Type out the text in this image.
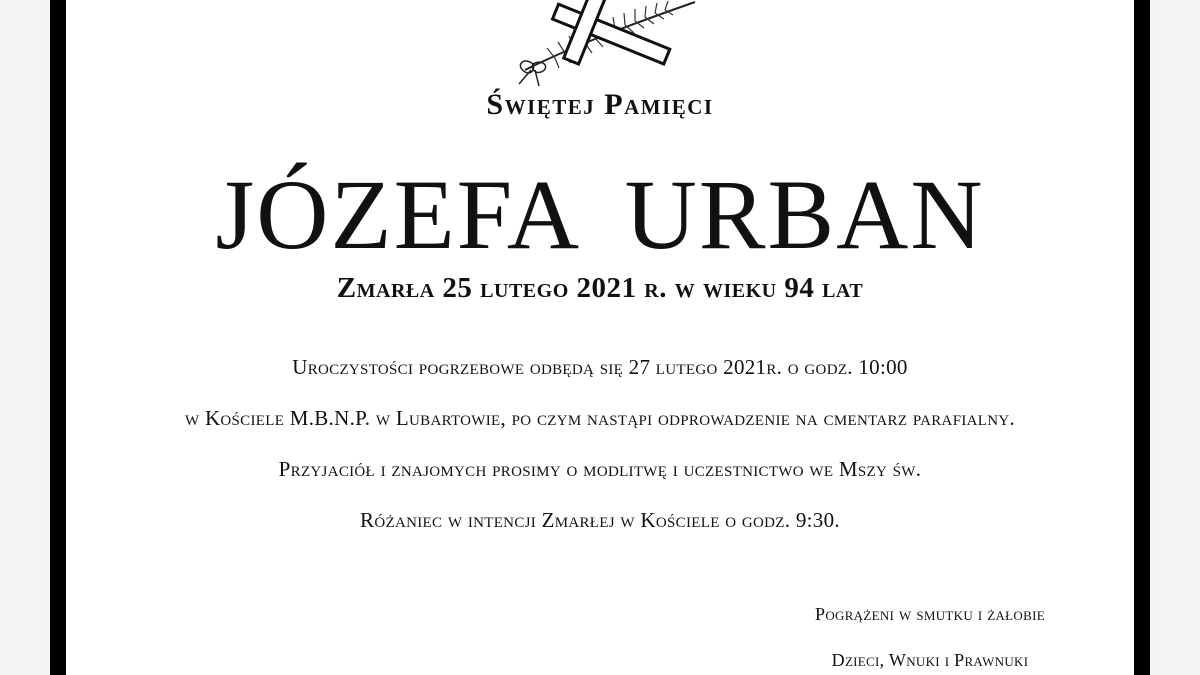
Świętej Pamięci
JÓZEFA URBAN
Zmarła 25 lutego 2021 r. w wieku 94 lat
Uroczystości pogrzebowe odbędą się 27 lutego 2021r. o godz. 10:00
w Kościele M.B.N.P. w Lubartowie, po czym nastąpi odprowadzenie na cmentarz parafialny.
Przyjaciół i znajomych prosimy o modlitwę i uczestnictwo we Mszy św.
Różaniec w intencji Zmarłej w Kościele o godz. 9:30.
Pogrążeni w smutku i żałobie
Dzieci, Wnuki i Prawnuki
